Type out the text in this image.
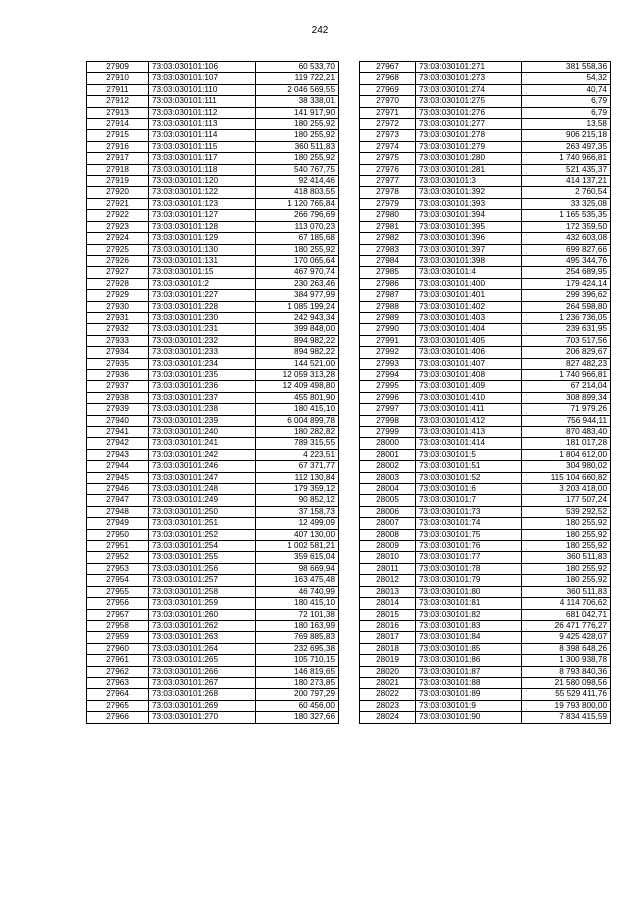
242
27909	73:03:030101:106	60 533,70
27910	73:03:030101:107	119 722,21
27911	73:03:030101:110	2 046 569,55
27912	73:03:030101:111	38 338,01
27913	73:03:030101:112	141 917,90
27914	73:03:030101:113	180 255,92
27915	73:03:030101:114	180 255,92
27916	73:03:030101:115	360 511,83
27917	73:03:030101:117	180 255,92
27918	73:03:030101:118	540 767,75
27919	73:03:030101:120	92 414,46
27920	73:03:030101:122	418 803,55
27921	73:03:030101:123	1 120 765,84
27922	73:03:030101:127	266 796,69
27923	73:03:030101:128	113 070,23
27924	73:03:030101:129	67 185,68
27925	73:03:030101:130	180 255,92
27926	73:03:030101:131	170 065,64
27927	73:03:030101:15	467 970,74
27928	73:03:030101:2	230 263,46
27929	73:03:030101:227	384 977,99
27930	73:03:030101:228	1 085 199,24
27931	73:03:030101:230	242 943,34
27932	73:03:030101:231	399 848,00
27933	73:03:030101:232	894 982,22
27934	73:03:030101:233	894 982,22
27935	73:03:030101:234	144 521,00
27936	73:03:030101:235	12 059 313,28
27937	73:03:030101:236	12 409 498,80
27938	73:03:030101:237	455 801,90
27939	73:03:030101:238	180 415,10
27940	73:03:030101:239	6 004 899,78
27941	73:03:030101:240	180 282,82
27942	73:03:030101:241	789 315,55
27943	73:03:030101:242	4 223,51
27944	73:03:030101:246	67 371,77
27945	73:03:030101:247	112 130,84
27946	73:03:030101:248	179 359,12
27947	73:03:030101:249	90 852,12
27948	73:03:030101:250	37 158,73
27949	73:03:030101:251	12 499,09
27950	73:03:030101:252	407 130,00
27951	73:03:030101:254	1 002 581,21
27952	73:03:030101:255	359 615,04
27953	73:03:030101:256	98 669,94
27954	73:03:030101:257	163 475,48
27955	73:03:030101:258	46 740,99
27956	73:03:030101:259	180 415,10
27957	73:03:030101:260	72 101,38
27958	73:03:030101:262	180 163,99
27959	73:03:030101:263	769 885,83
27960	73:03:030101:264	232 695,38
27961	73:03:030101:265	105 710,15
27962	73:03:030101:266	146 819,65
27963	73:03:030101:267	180 273,85
27964	73:03:030101:268	200 797,29
27965	73:03:030101:269	60 456,00
27966	73:03:030101:270	180 327,66
27967	73:03:030101:271	381 558,36
27968	73:03:030101:273	54,32
27969	73:03:030101:274	40,74
27970	73:03:030101:275	6,79
27971	73:03:030101:276	6,79
27972	73:03:030101:277	13,58
27973	73:03:030101:278	906 215,18
27974	73:03:030101:279	263 497,35
27975	73:03:030101:280	1 740 966,81
27976	73:03:030101:281	521 435,37
27977	73:03:030101:3	414 137,21
27978	73:03:030101:392	2 760,54
27979	73:03:030101:393	33 325,08
27980	73:03:030101:394	1 165 535,35
27981	73:03:030101:395	172 359,50
27982	73:03:030101:396	432 603,08
27983	73:03:030101:397	699 827,66
27984	73:03:030101:398	495 344,76
27985	73:03:030101:4	254 689,95
27986	73:03:030101:400	179 424,14
27987	73:03:030101:401	299 396,62
27988	73:03:030101:402	264 598,80
27989	73:03:030101:403	1 236 736,05
27990	73:03:030101:404	239 631,95
27991	73:03:030101:405	703 517,56
27992	73:03:030101:406	206 829,67
27993	73:03:030101:407	827 482,23
27994	73:03:030101:408	1 740 966,81
27995	73:03:030101:409	67 214,04
27996	73:03:030101:410	308 899,34
27997	73:03:030101:411	71 979,26
27998	73:03:030101:412	756 944,11
27999	73:03:030101:413	870 483,40
28000	73:03:030101:414	181 017,28
28001	73:03:030101:5	1 804 612,00
28002	73:03:030101:51	304 980,02
28003	73:03:030101:52	115 104 660,82
28004	73:03:030101:6	3 203 418,00
28005	73:03:030101:7	177 507,24
28006	73:03:030101:73	539 292,52
28007	73:03:030101:74	180 255,92
28008	73:03:030101:75	180 255,92
28009	73:03:030101:76	180 255,92
28010	73:03:030101:77	360 511,83
28011	73:03:030101:78	180 255,92
28012	73:03:030101:79	180 255,92
28013	73:03:030101:80	360 511,83
28014	73:03:030101:81	4 114 706,62
28015	73:03:030101:82	681 042,71
28016	73:03:030101:83	26 471 776,27
28017	73:03:030101:84	9 425 428,07
28018	73:03:030101:85	8 398 648,26
28019	73:03:030101:86	1 300 938,78
28020	73:03:030101:87	8 793 840,36
28021	73:03:030101:88	21 580 098,56
28022	73:03:030101:89	55 529 411,76
28023	73:03:030101:9	19 793 800,00
28024	73:03:030101:90	7 834 415,59
